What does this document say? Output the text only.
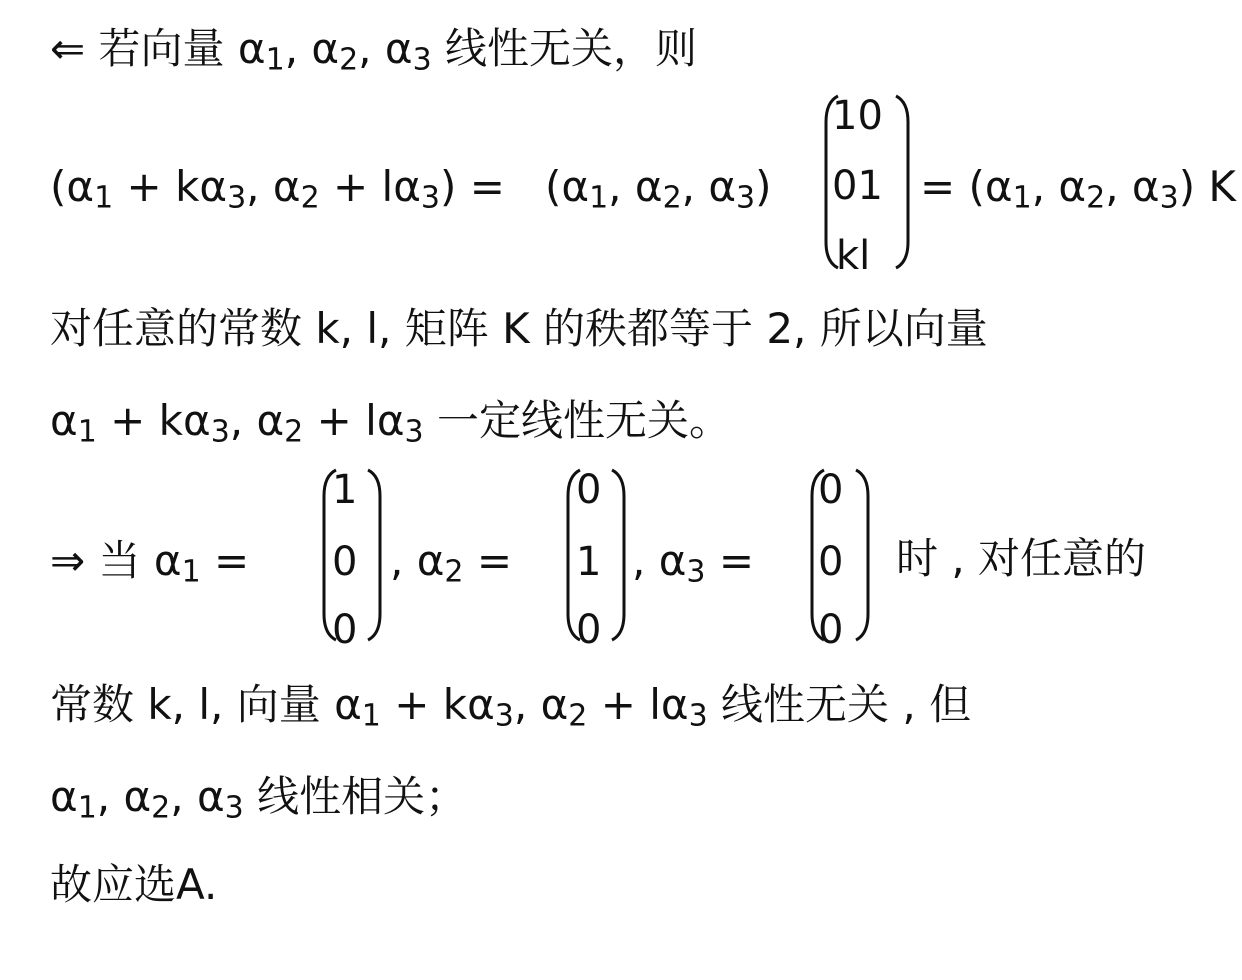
⇐ 若向量 $\alpha_1$, $\alpha_2$, $\alpha_3$ 线性无关，则
($\alpha_1 + k\alpha_3$, $\alpha_2 + l\alpha_3) = (\alpha_1$, $\alpha_2$, $\alpha_3$)
10
01
kl
= ($\alpha_1$, $\alpha_2$, $\alpha_3$) K
对任意的常数 k, l, 矩阵 K 的秩都等于 2, 所以向量
$\alpha_1 + k\alpha_3$, $\alpha_2 + l\alpha_3$ 一定线性无关。
⇒ 当 $\alpha_1$ =
1
0
0
, $\alpha_2$ =
0
1
0
, $\alpha_3$ =
0
0
0
时 , 对任意的
常数 k, l, 向量 $\alpha_1 + k\alpha_3$, $\alpha_2 + l\alpha_3$ 线性无关 , 但
$\alpha_1$, $\alpha_2$, $\alpha_3$ 线性相关；
故应选A.
